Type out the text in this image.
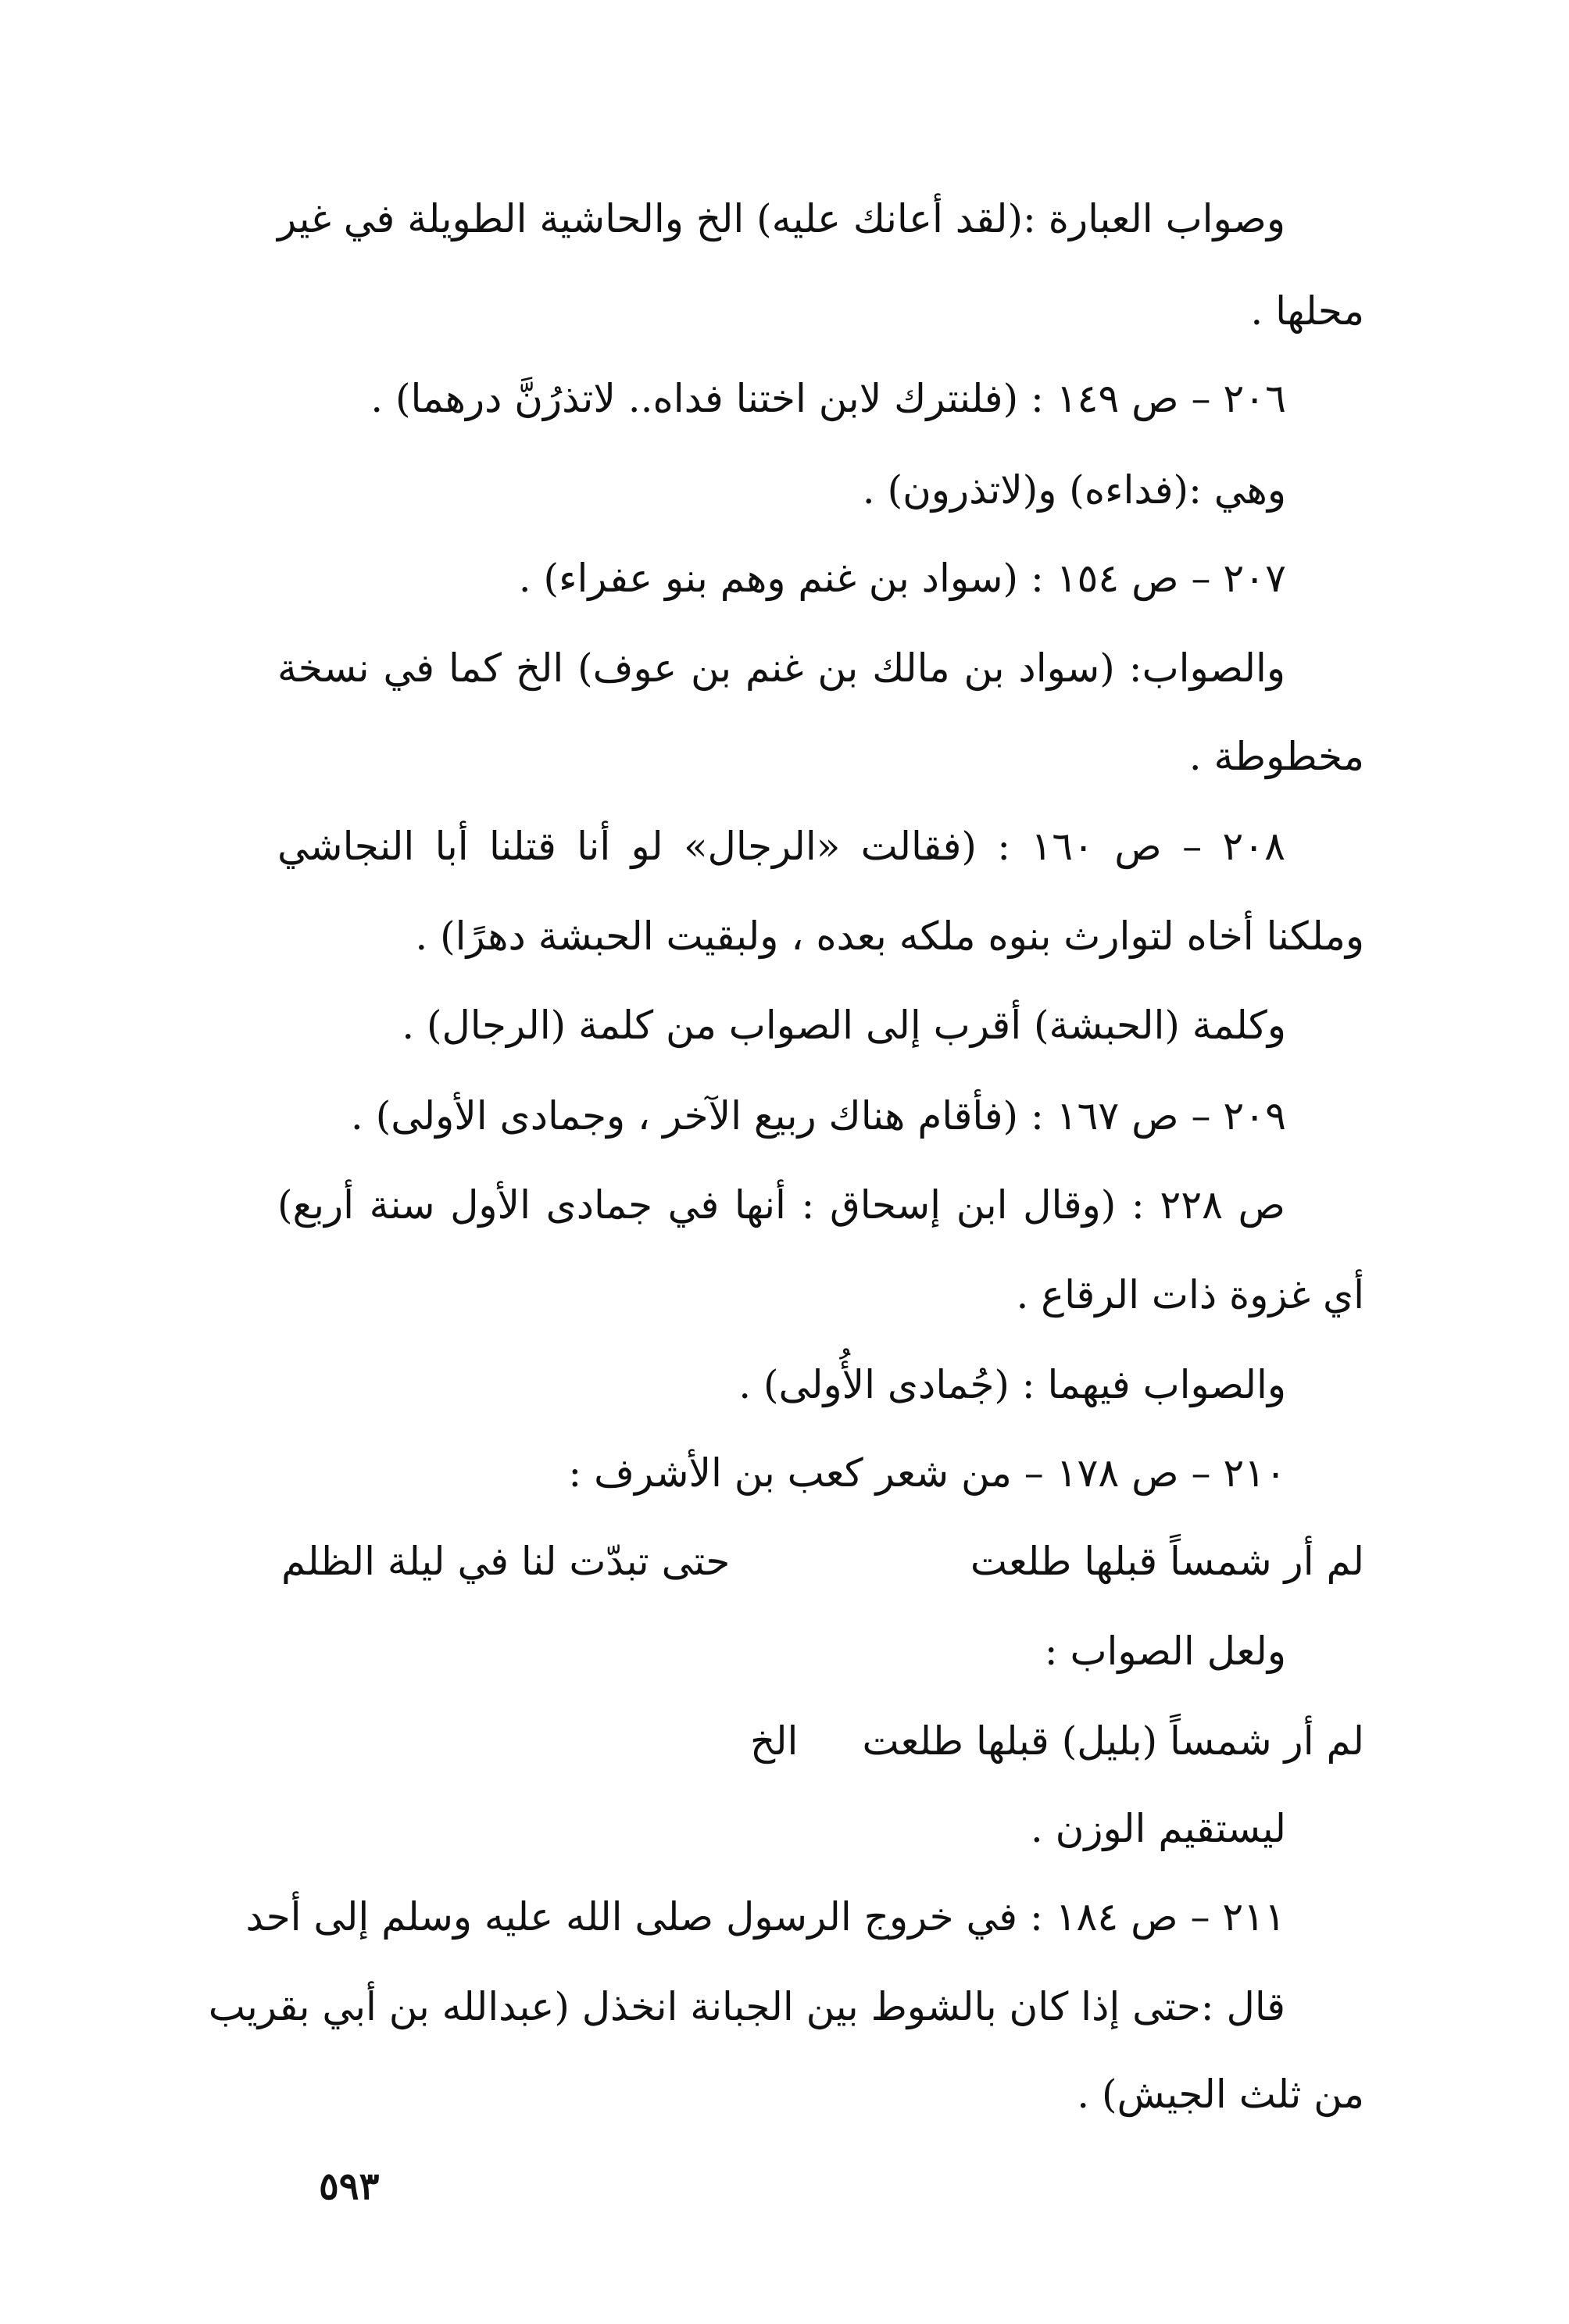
وصواب العبارة :(لقد أعانك عليه) الخ والحاشية الطويلة في غير
محلها .
٢٠٦ – ص ١٤٩ : (فلنترك لابن اختنا فداه.. لاتذرُنَّ درهما) .
وهي :(فداءه) و(لاتذرون) .
٢٠٧ – ص ١٥٤ : (سواد بن غنم وهم بنو عفراء) .
والصواب: (سواد بن مالك بن غنم بن عوف) الخ كما في نسخة
مخطوطة .
٢٠٨ – ص ١٦٠ : (فقالت «الرجال» لو أنا قتلنا أبا النجاشي
وملكنا أخاه لتوارث بنوه ملكه بعده ، ولبقيت الحبشة دهرًا) .
وكلمة (الحبشة) أقرب إلى الصواب من كلمة (الرجال) .
٢٠٩ – ص ١٦٧ : (فأقام هناك ربيع الآخر ، وجمادى الأولى) .
ص ٢٢٨ : (وقال ابن إسحاق : أنها في جمادى الأول سنة أربع)
أي غزوة ذات الرقاع .
والصواب فيهما : (جُمادى الأُولى) .
٢١٠ – ص ١٧٨ – من شعر كعب بن الأشرف :
لم أر شمساً قبلها طلعت
حتى تبدّت لنا في ليلة الظلم
ولعل الصواب :
لم أر شمساً (بليل) قبلها طلعت
الخ
ليستقيم الوزن .
٢١١ – ص ١٨٤ : في خروج الرسول صلى الله عليه وسلم إلى أحد
قال :حتى إذا كان بالشوط بين الجبانة انخذل (عبدالله بن أبي بقريب
من ثلث الجيش) .
٥٩٣
